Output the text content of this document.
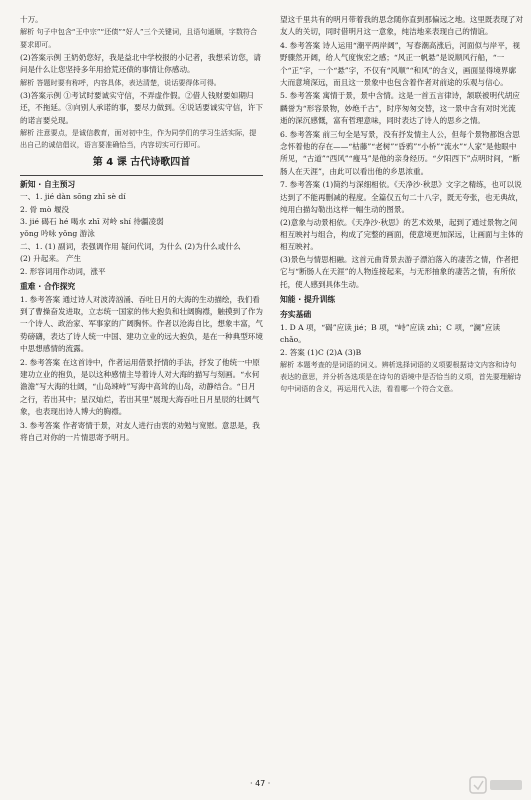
十万。

解析 句子中包含“王中宗”“还债”“好人”三个关键词，且语句通顺，字数符合要求即可。

(2)答案示例 王奶奶您好，我是益北中学校报的小记者，我想采访您，请问是什么让您坚持多年用拾荒还债的事情让你感动。

解析 答题时要有称呼，内容具体，表达清楚，说话要得体可得。

(3)答案示例 ①考试时要诚实守信，不弄虚作假。②借人钱财要如期归还，不拖延。③向别人承诺的事，要尽力做到。④说话要诚实守信，许下的诺言要兑现。

解析 注意要点，是诚信教育，面对初中生，作为同学们的学习生活实际，提出自己的诚信倡议，语言要准确恰当，内容切实可行即可。

第 4 课 古代诗歌四首
新知 · 自主预习

一、1. jié dàn sōng zhī sè dí

2. 骨 mò 堰没

3. jié 碣石 hé 喝水 zhī 对岭 shí 待疆凌弱

yǒng 吟咏 yǒng 游泳

二、1. (1) 副词，表强调作用 疑问代词，为什么 (2)为什么或什么

(2) 升起来。 产生

2. 形容词用作动词，涨平

重难 · 合作探究

1. 参考答案 通过诗人对波涛汹涌、吞吐日月的大海的生动描绘，我们看到了曹操奋发进取，立志统一国家的伟大抱负和壮阔胸襟，触摸到了作为一个诗人、政治家、军事家的广阔胸怀。作者以沧海自比，想象丰富，气势磅礴，表达了诗人统一中国、建功立业的远大抱负，是在一种典型环境中思想感情的流露。

2. 参考答案 在这首诗中，作者运用借景抒情的手法，抒发了他统一中原建功立业的抱负，是以这种感情主导着诗人对大海的描写与刻画。“水何澹澹”写大海的壮阔，“山岛竦峙”写海中高耸的山岛，动静结合。“日月之行，若出其中；星汉灿烂，若出其里”展现大海吞吐日月星辰的壮阔气象，也表现出诗人博大的胸襟。

3. 参考答案 作者寄情于景，对友人进行由衷的劝勉与宽慰。意思是，我将自己对你的一片情思寄予明月。

望这千里共有的明月带着我的思念随你直到那偏远之地。这里既表现了对友人的关切，同时借明月这一意象，纯洁地来表现自己的情谊。

4. 参考答案 诗人运用“潮平两岸阔”，写春潮高涨后，河面似与岸平，视野骤然开阔，给人气度恢宏之感；“风正一帆悬”是说顺风行船，“一个“正”字，一个“悬”字，不仅有“风顺”“和风”的含义，画面显得境界廓大而意境深远，而且这一景象中也包含着作者对前途的乐观与信心。

5. 参考答案 寓情于景，景中含情。这是一首五言律诗，颔联被明代胡应麟誉为“形容景物，妙绝千古”，时序匆匆交替，这一景中含有对时光流逝的深沉感慨，富有哲理意味，同时表达了诗人的思乡之情。

6. 参考答案 前三句全是写景，没有抒发情主人公，但每个景物都饱含思念怀着他的存在——“枯藤”“老树”“昏鸦”“小桥”“流水”“人家”是他眼中所见，“古道”“西风”“瘦马”是他的亲身经历。“夕阳西下”点明时间，“断肠人在天涯”，由此可以看出他的乡思浓重。

7. 参考答案 (1)简约与深细相依。《天净沙·秋思》文字之精练，也可以说达到了不能再删减的程度。全篇仅五句二十八字，既无夸张，也无典故，纯用白描勾勒出这样一幅生动的图景。

(2)意象与动景相依。《天净沙·秋思》的艺术效果，起到了通过景物之间相互映衬与组合，构成了完整的画面，使意境更加深远，让画面与主体的相互映衬。

(3)景色与情思相融。这首元曲背景去游子漂泊落入的凄苦之情，作者把它与“断肠人在天涯”的人物连接起来，与无形抽象的凄苦之情，有所依托，使人感到具体生动。

知能 · 提升训练
夯实基础

1. D A 项，“碣”应读 jié；B 项，“峙”应读 zhì；C 项，“澜”应读 chǎo。

2. 答案 (1)C (2)A (3)B

解析 本题考查的是词语的词义。辨析选择词语的义项要根据诗文内容和诗句表达的意思，并分析各选项是在诗句的语境中是否恰当的义项，首先要理解诗句中词语的含义，再运用代入法，看看哪一个符合文意。

· 47 ·
